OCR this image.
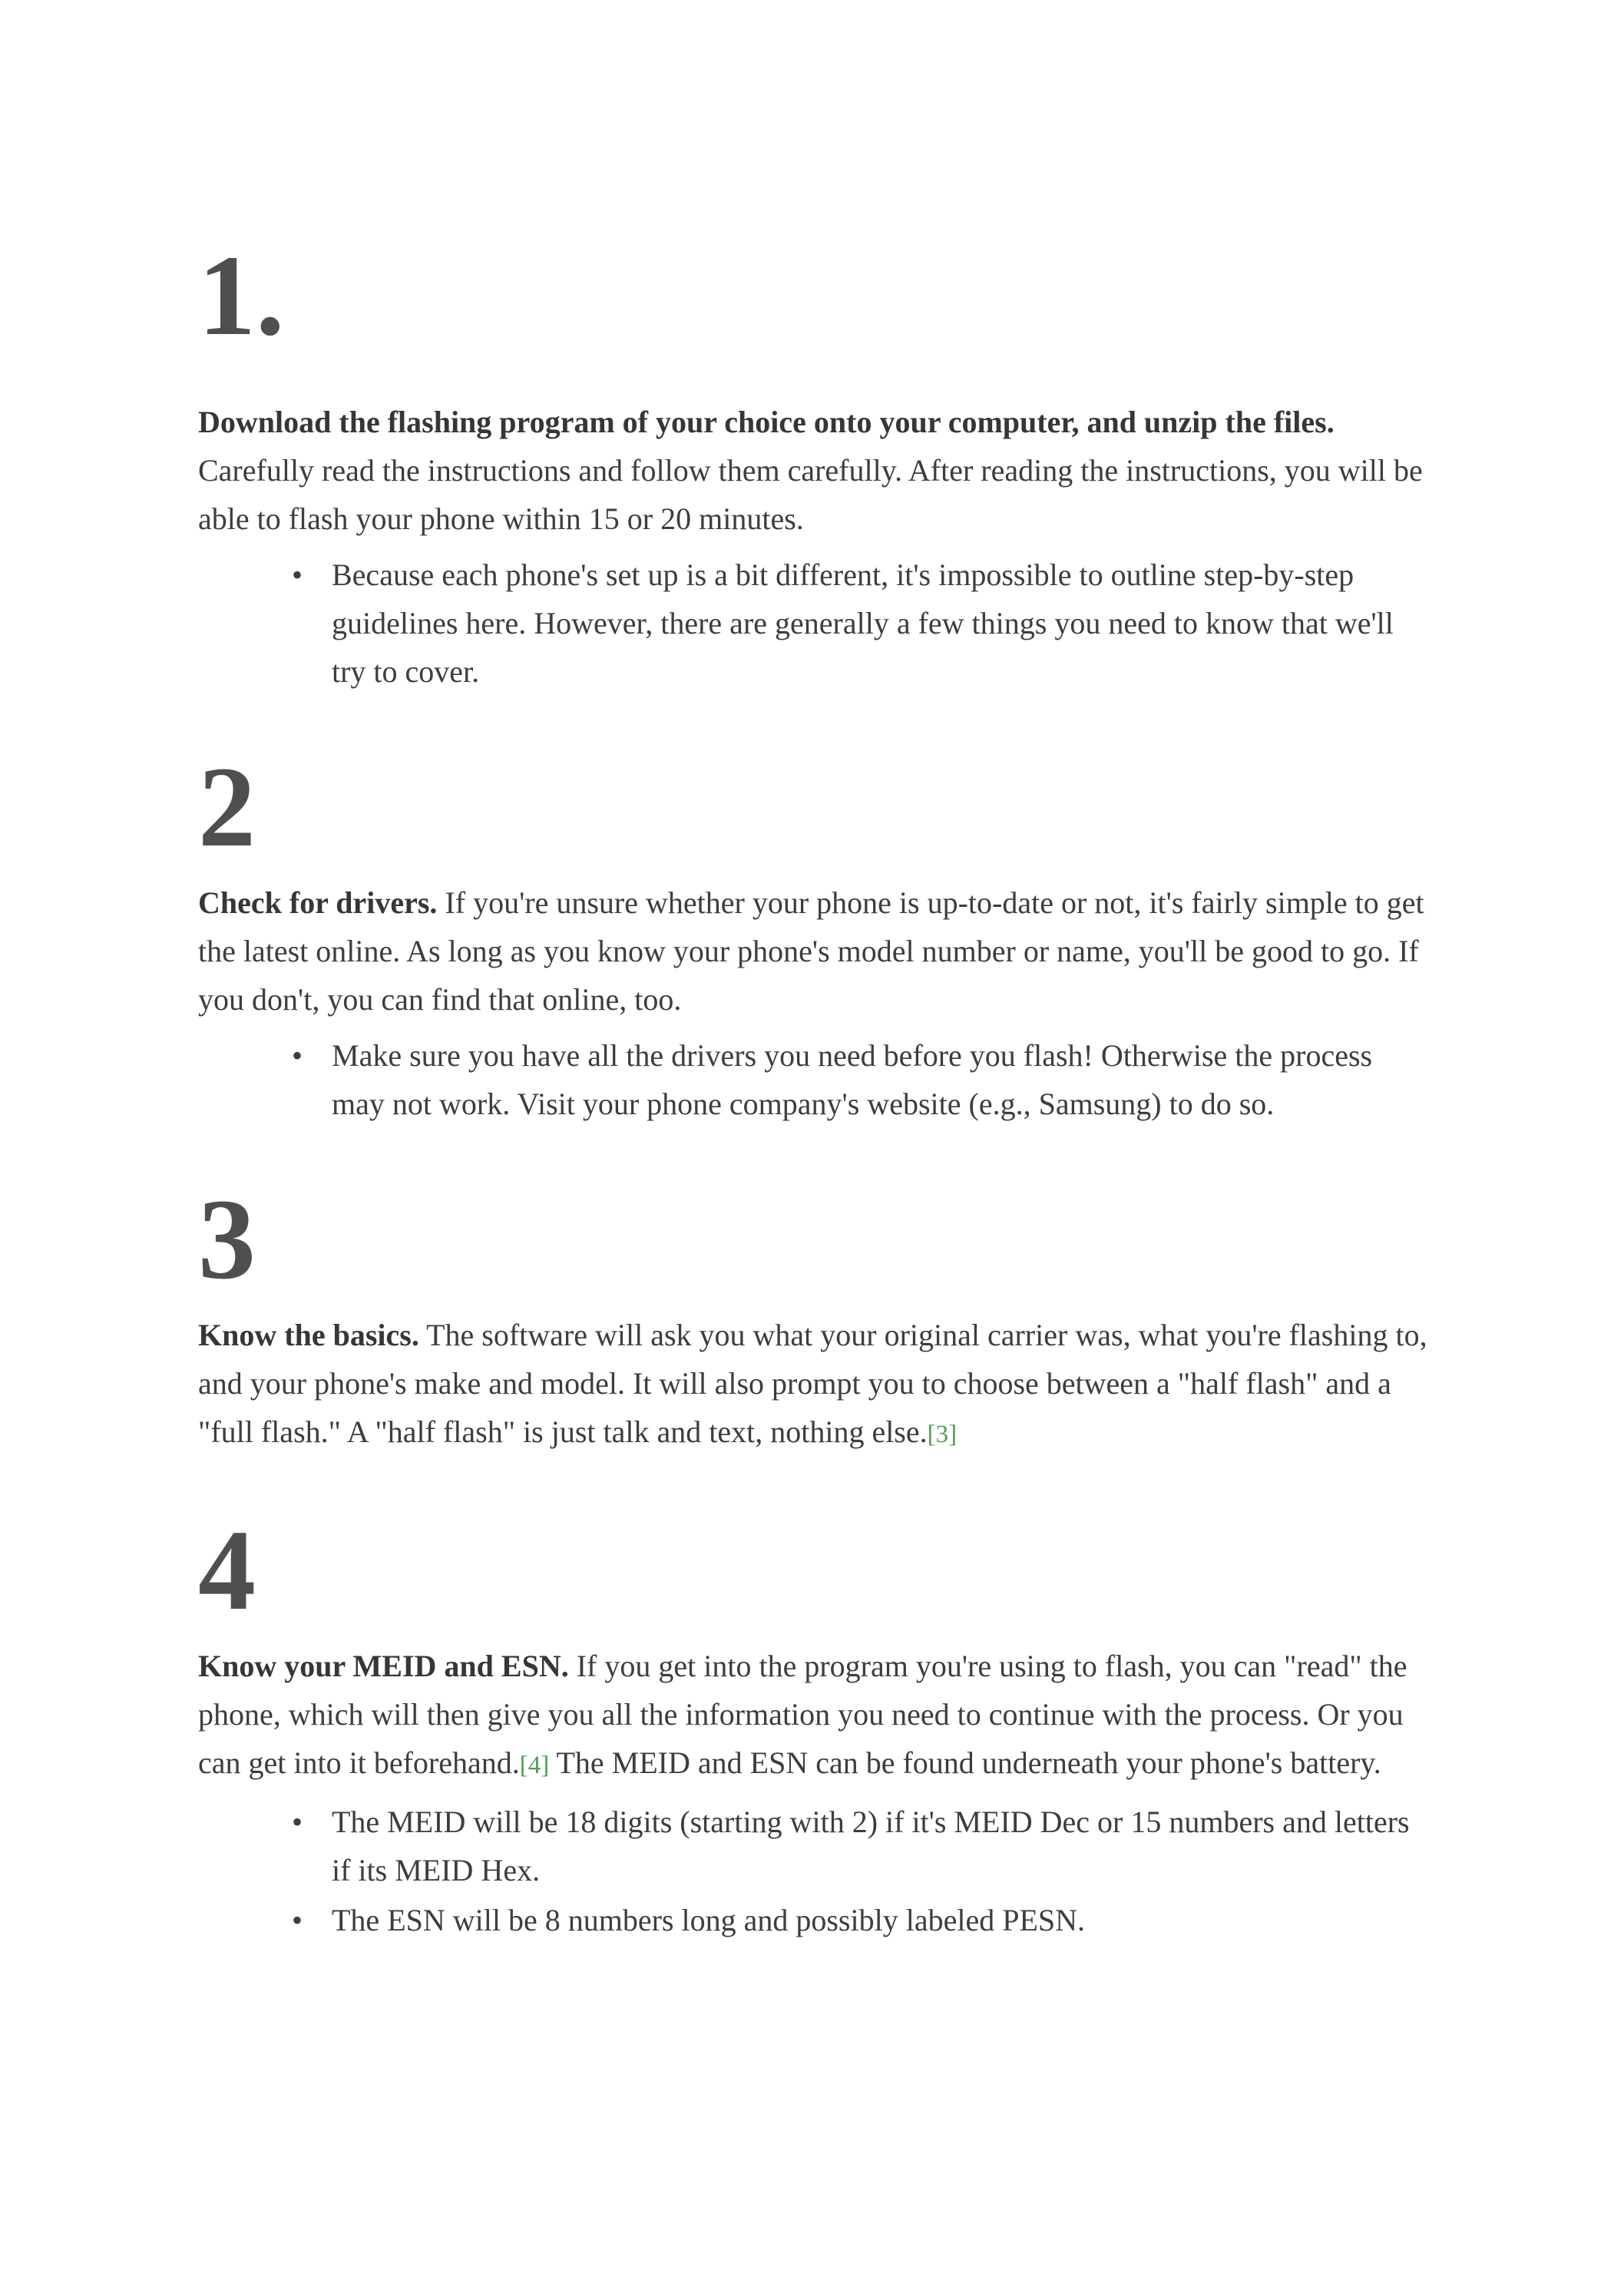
1.

Download the flashing program of your choice onto your computer, and unzip the files. Carefully read the instructions and follow them carefully. After reading the instructions, you will be able to flash your phone within 15 or 20 minutes.

• Because each phone's set up is a bit different, it's impossible to outline step-by-step guidelines here. However, there are generally a few things you need to know that we'll try to cover.
2

Check for drivers. If you're unsure whether your phone is up-to-date or not, it's fairly simple to get the latest online. As long as you know your phone's model number or name, you'll be good to go. If you don't, you can find that online, too.

• Make sure you have all the drivers you need before you flash! Otherwise the process may not work. Visit your phone company's website (e.g., Samsung) to do so.
3

Know the basics. The software will ask you what your original carrier was, what you're flashing to, and your phone's make and model. It will also prompt you to choose between a "half flash" and a "full flash." A "half flash" is just talk and text, nothing else.[3]

4

Know your MEID and ESN. If you get into the program you're using to flash, you can "read" the phone, which will then give you all the information you need to continue with the process. Or you can get into it beforehand.[4] The MEID and ESN can be found underneath your phone's battery.

• The MEID will be 18 digits (starting with 2) if it's MEID Dec or 15 numbers and letters if its MEID Hex.
• The ESN will be 8 numbers long and possibly labeled PESN.
